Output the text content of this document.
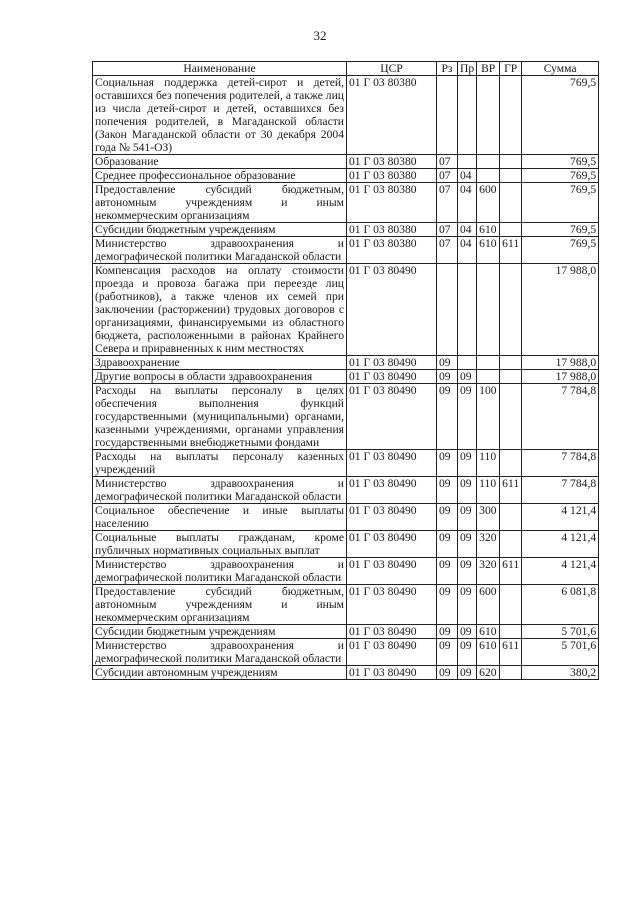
32
Наименование	ЦСР	Рз	Пр	ВР	ГР	Сумма
Социальная поддержка детей-сирот и детей, оставшихся без попечения родителей, а также лиц из числа детей-сирот и детей, оставшихся без попечения родителей, в Магаданской области (Закон Магаданской области от 30 декабря 2004 года № 541-ОЗ)	01 Г 03 80380					769,5
Образование	01 Г 03 80380	07				769,5
Среднее профессиональное образование	01 Г 03 80380	07	04			769,5
Предоставление субсидий бюджетным, автономным учреждениям и иным некоммерческим организациям	01 Г 03 80380	07	04	600		769,5
Субсидии бюджетным учреждениям	01 Г 03 80380	07	04	610		769,5
Министерство здравоохранения и демографической политики Магаданской области	01 Г 03 80380	07	04	610	611	769,5
Компенсация расходов на оплату стоимости проезда и провоза багажа при переезде лиц (работников), а также членов их семей при заключении (расторжении) трудовых договоров с организациями, финансируемыми из областного бюджета, расположенными в районах Крайнего Севера и приравненных к ним местностях	01 Г 03 80490					17 988,0
Здравоохранение	01 Г 03 80490	09				17 988,0
Другие вопросы в области здравоохранения	01 Г 03 80490	09	09			17 988,0
Расходы на выплаты персоналу в целях обеспечения выполнения функций государственными (муниципальными) органами, казенными учреждениями, органами управления государственными внебюджетными фондами	01 Г 03 80490	09	09	100		7 784,8
Расходы на выплаты персоналу казенных учреждений	01 Г 03 80490	09	09	110		7 784,8
Министерство здравоохранения и демографической политики Магаданской области	01 Г 03 80490	09	09	110	611	7 784,8
Социальное обеспечение и иные выплаты населению	01 Г 03 80490	09	09	300		4 121,4
Социальные выплаты гражданам, кроме публичных нормативных социальных выплат	01 Г 03 80490	09	09	320		4 121,4
Министерство здравоохранения и демографической политики Магаданской области	01 Г 03 80490	09	09	320	611	4 121,4
Предоставление субсидий бюджетным, автономным учреждениям и иным некоммерческим организациям	01 Г 03 80490	09	09	600		6 081,8
Субсидии бюджетным учреждениям	01 Г 03 80490	09	09	610		5 701,6
Министерство здравоохранения и демографической политики Магаданской области	01 Г 03 80490	09	09	610	611	5 701,6
Субсидии автономным учреждениям	01 Г 03 80490	09	09	620		380,2
